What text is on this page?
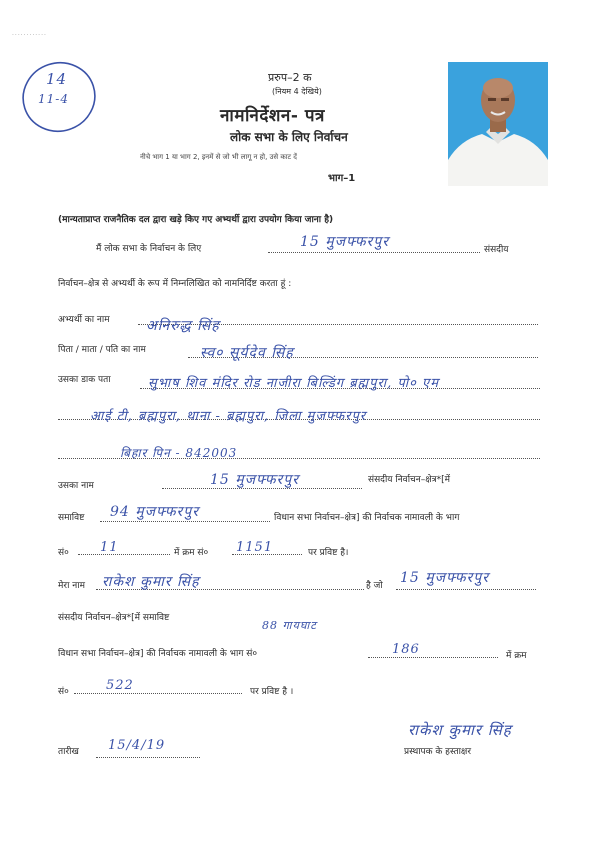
............
14
11-4
प्ररुप–2 क
(नियम 4 देखिये)
नामनिर्देशन- पत्र
लोक सभा के लिए निर्वाचन
नीचे भाग 1 या भाग 2, इनमें से जो भी लागू न हो, उसे काट दें
भाग–1
(मान्यताप्राप्त राजनैतिक दल द्वारा खड़े किए गए अभ्यर्थी द्वारा उपयोग किया जाना है)
मैं लोक सभा के निर्वाचन के लिए	15 मुजफ्फरपुर	संसदीय
निर्वाचन–क्षेत्र से अभ्यर्थी के रूप में निम्नलिखित को नामनिर्दिष्ट करता हूं :
अभ्यर्थी का नाम	अनिरुद्ध सिंह
पिता / माता / पति का नाम	स्व० सूर्यदेव सिंह
उसका डाक पता	सुभाष शिव मंदिर रोड नाजीरा बिल्डिंग ब्रह्मपुरा, पो० एम
आई टी, ब्रह्मपुरा, थाना - ब्रह्मपुरा, जिला मुजफ्फरपुर
बिहार पिन - 842003
उसका नाम	15 मुजफ्फरपुर	संसदीय निर्वाचन–क्षेत्र*[में
समाविष्ट 94 मुजफ्फरपुर	विधान सभा निर्वाचन–क्षेत्र] की निर्वाचक नामावली के भाग
सं० 11	में क्रम सं० 1151	पर प्रविष्ट है।
मेरा नाम राकेश कुमार सिंह	है जो 15 मुजफ्फरपुर
संसदीय निर्वाचन–क्षेत्र*[में समाविष्ट
88 गायघाट
विधान सभा निर्वाचन–क्षेत्र] की निर्वाचक नामावली के भाग सं०	186	में क्रम
सं०	522	पर प्रविष्ट है ।
तारीख 15/4/19
राकेश कुमार सिंह
प्रस्थापक के हस्ताक्षर
